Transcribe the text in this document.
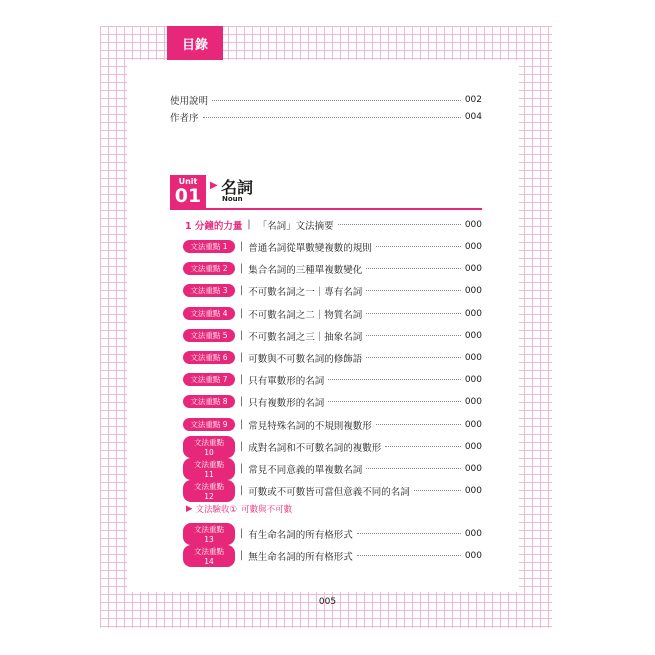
目錄
使用說明	002
作者序	004
Unit
01 ▶ 名詞
Noun
1 分鐘的力量 | 「名詞」文法摘要	000
文法重點 1	| 普通名詞從單數變複數的規則	000
文法重點 2	| 集合名詞的三種單複數變化	000
文法重點 3	| 不可數名詞之一｜專有名詞	000
文法重點 4	| 不可數名詞之二｜物質名詞	000
文法重點 5	| 不可數名詞之三｜抽象名詞	000
文法重點 6	| 可數與不可數名詞的修飾語	000
文法重點 7	| 只有單數形的名詞	000
文法重點 8	| 只有複數形的名詞	000
文法重點 9	| 常見特殊名詞的不規則複數形	000
文法重點 10	| 成對名詞和不可數名詞的複數形	000
文法重點 11	| 常見不同意義的單複數名詞	000
文法重點 12	| 可數或不可數皆可當但意義不同的名詞	000
文法重點 13	| 有生命名詞的所有格形式	000
文法重點 14	| 無生命名詞的所有格形式	000
▶ 文法驗收① 可數與不可數
005
